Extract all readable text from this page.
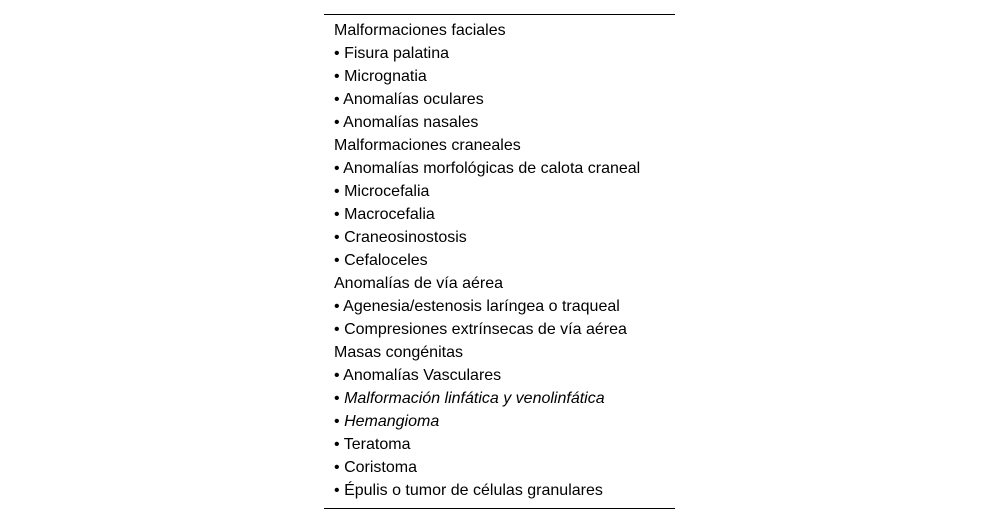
Malformaciones faciales
• Fisura palatina
• Micrognatia
• Anomalías oculares
• Anomalías nasales
Malformaciones craneales
• Anomalías morfológicas de calota craneal
• Microcefalia
• Macrocefalia
• Craneosinostosis
• Cefaloceles
Anomalías de vía aérea
• Agenesia/estenosis laríngea o traqueal
• Compresiones extrínsecas de vía aérea
Masas congénitas
• Anomalías Vasculares
• Malformación linfática y venolinfática
• Hemangioma
• Teratoma
• Coristoma
• Épulis o tumor de células granulares
